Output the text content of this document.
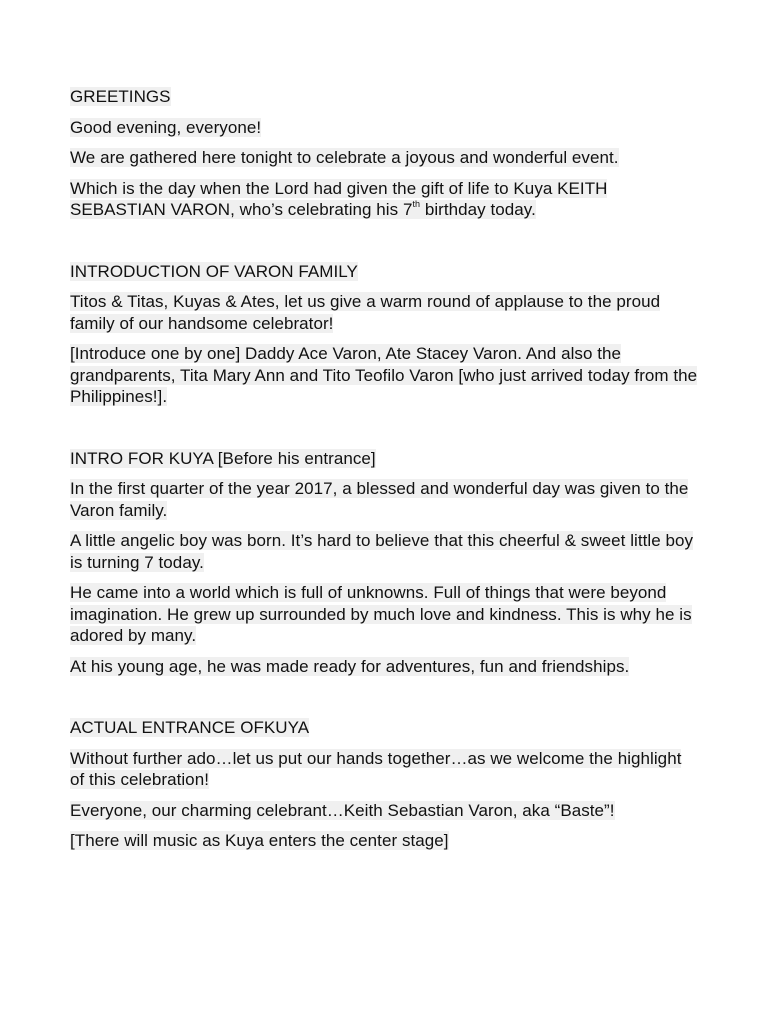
GREETINGS

Good evening, everyone!

We are gathered here tonight to celebrate a joyous and wonderful event.

Which is the day when the Lord had given the gift of life to Kuya KEITH SEBASTIAN VARON, who’s celebrating his 7th birthday today.

INTRODUCTION OF VARON FAMILY

Titos & Titas, Kuyas & Ates, let us give a warm round of applause to the proud family of our handsome celebrator!

[Introduce one by one] Daddy Ace Varon, Ate Stacey Varon. And also the grandparents, Tita Mary Ann and Tito Teofilo Varon [who just arrived today from the Philippines!].

INTRO FOR KUYA [Before his entrance]

In the first quarter of the year 2017, a blessed and wonderful day was given to the Varon family.

A little angelic boy was born. It’s hard to believe that this cheerful & sweet little boy is turning 7 today.

He came into a world which is full of unknowns. Full of things that were beyond imagination. He grew up surrounded by much love and kindness. This is why he is adored by many.

At his young age, he was made ready for adventures, fun and friendships.

ACTUAL ENTRANCE OFKUYA

Without further ado…let us put our hands together…as we welcome the highlight of this celebration!

Everyone, our charming celebrant…Keith Sebastian Varon, aka “Baste”!

[There will music as Kuya enters the center stage]
